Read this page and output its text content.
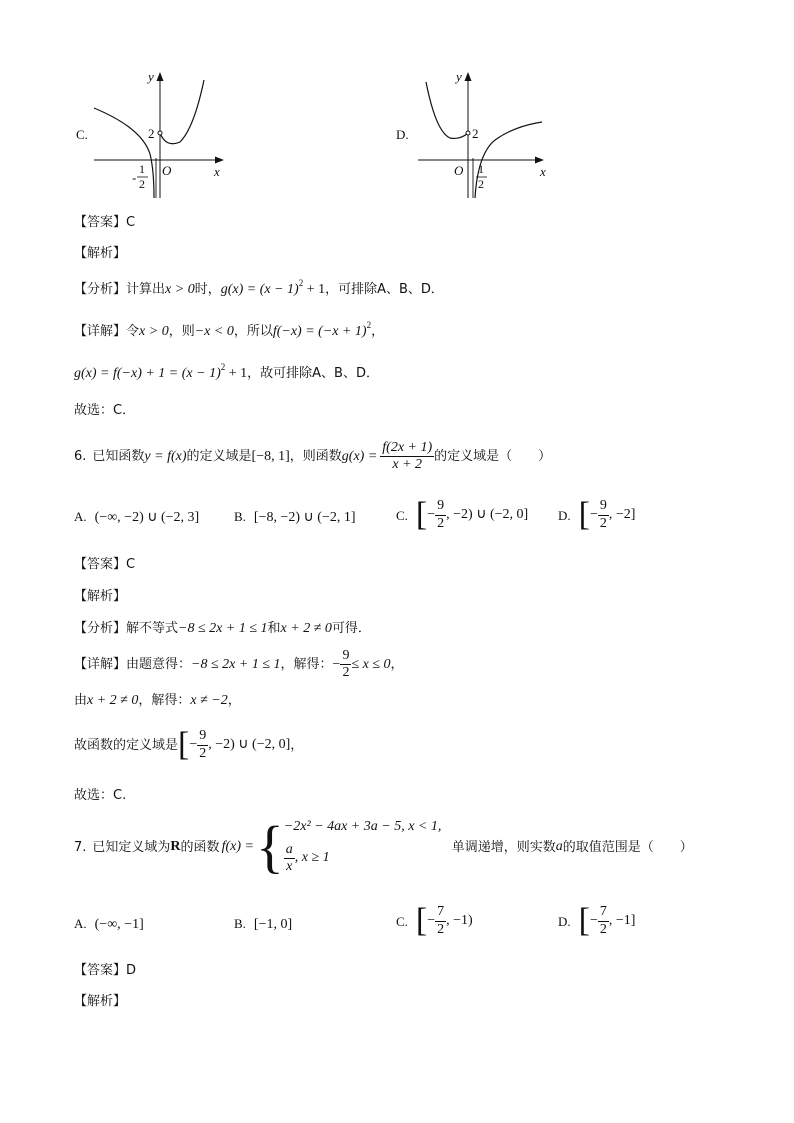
C.
y
x
O
2
-
1
2
D.
y
x
O
2
1
2
【答案】C
【解析】
【分析】计算出x > 0时，$g(x) = (x - 1)^2 + 1$，可排除A、B、D．
【详解】令x > 0，则−x < 0，所以$f(-x) = (-x + 1)^2$，
$g(x) = f(-x) + 1 = (x - 1)^2 + 1$，故可排除A、B、D．
故选：C．
6. 已知函数 y = f(x) 的定义域是 [−8, 1] ，则函数 $g(x) = \frac{f(2x + 1)}{x + 2}$ 的定义域是（　　）
A. (−∞, −2) ∪ (−2, 3]	B. [−8, −2) ∪ (−2, 1]	C. [ − $\frac{9}{2}$ , −2) ∪ (−2, 0] D. [ − $\frac{9}{2}$ , −2]
【答案】C
【解析】
【分析】解不等式−8 ≤ 2x + 1 ≤ 1和x + 2 ≠ 0可得．
【详解】 由题意得： −8 ≤ 2x + 1 ≤ 1 ，解得： − $\frac{9}{2} \le x \le 0$ ，
由x + 2 ≠ 0，解得：x ≠ −2，
故函数的定义域是 [ − $\frac{9}{2}$ , −2) ∪ (−2, 0] ，
故选：C.
7. 已知定义域为 R 的函数 f(x) = { −2x² − 4ax + 3a − 5, x < 1,
$\frac{a}{x}$ , x ≥ 1
单调递增，则实数 a 的取值范围是（　　）
A. (−∞, −1]	B. [−1, 0]	C. [ − $\frac{7}{2}$ , −1)	D. [ − $\frac{7}{2}$ , −1]
【答案】D
【解析】
